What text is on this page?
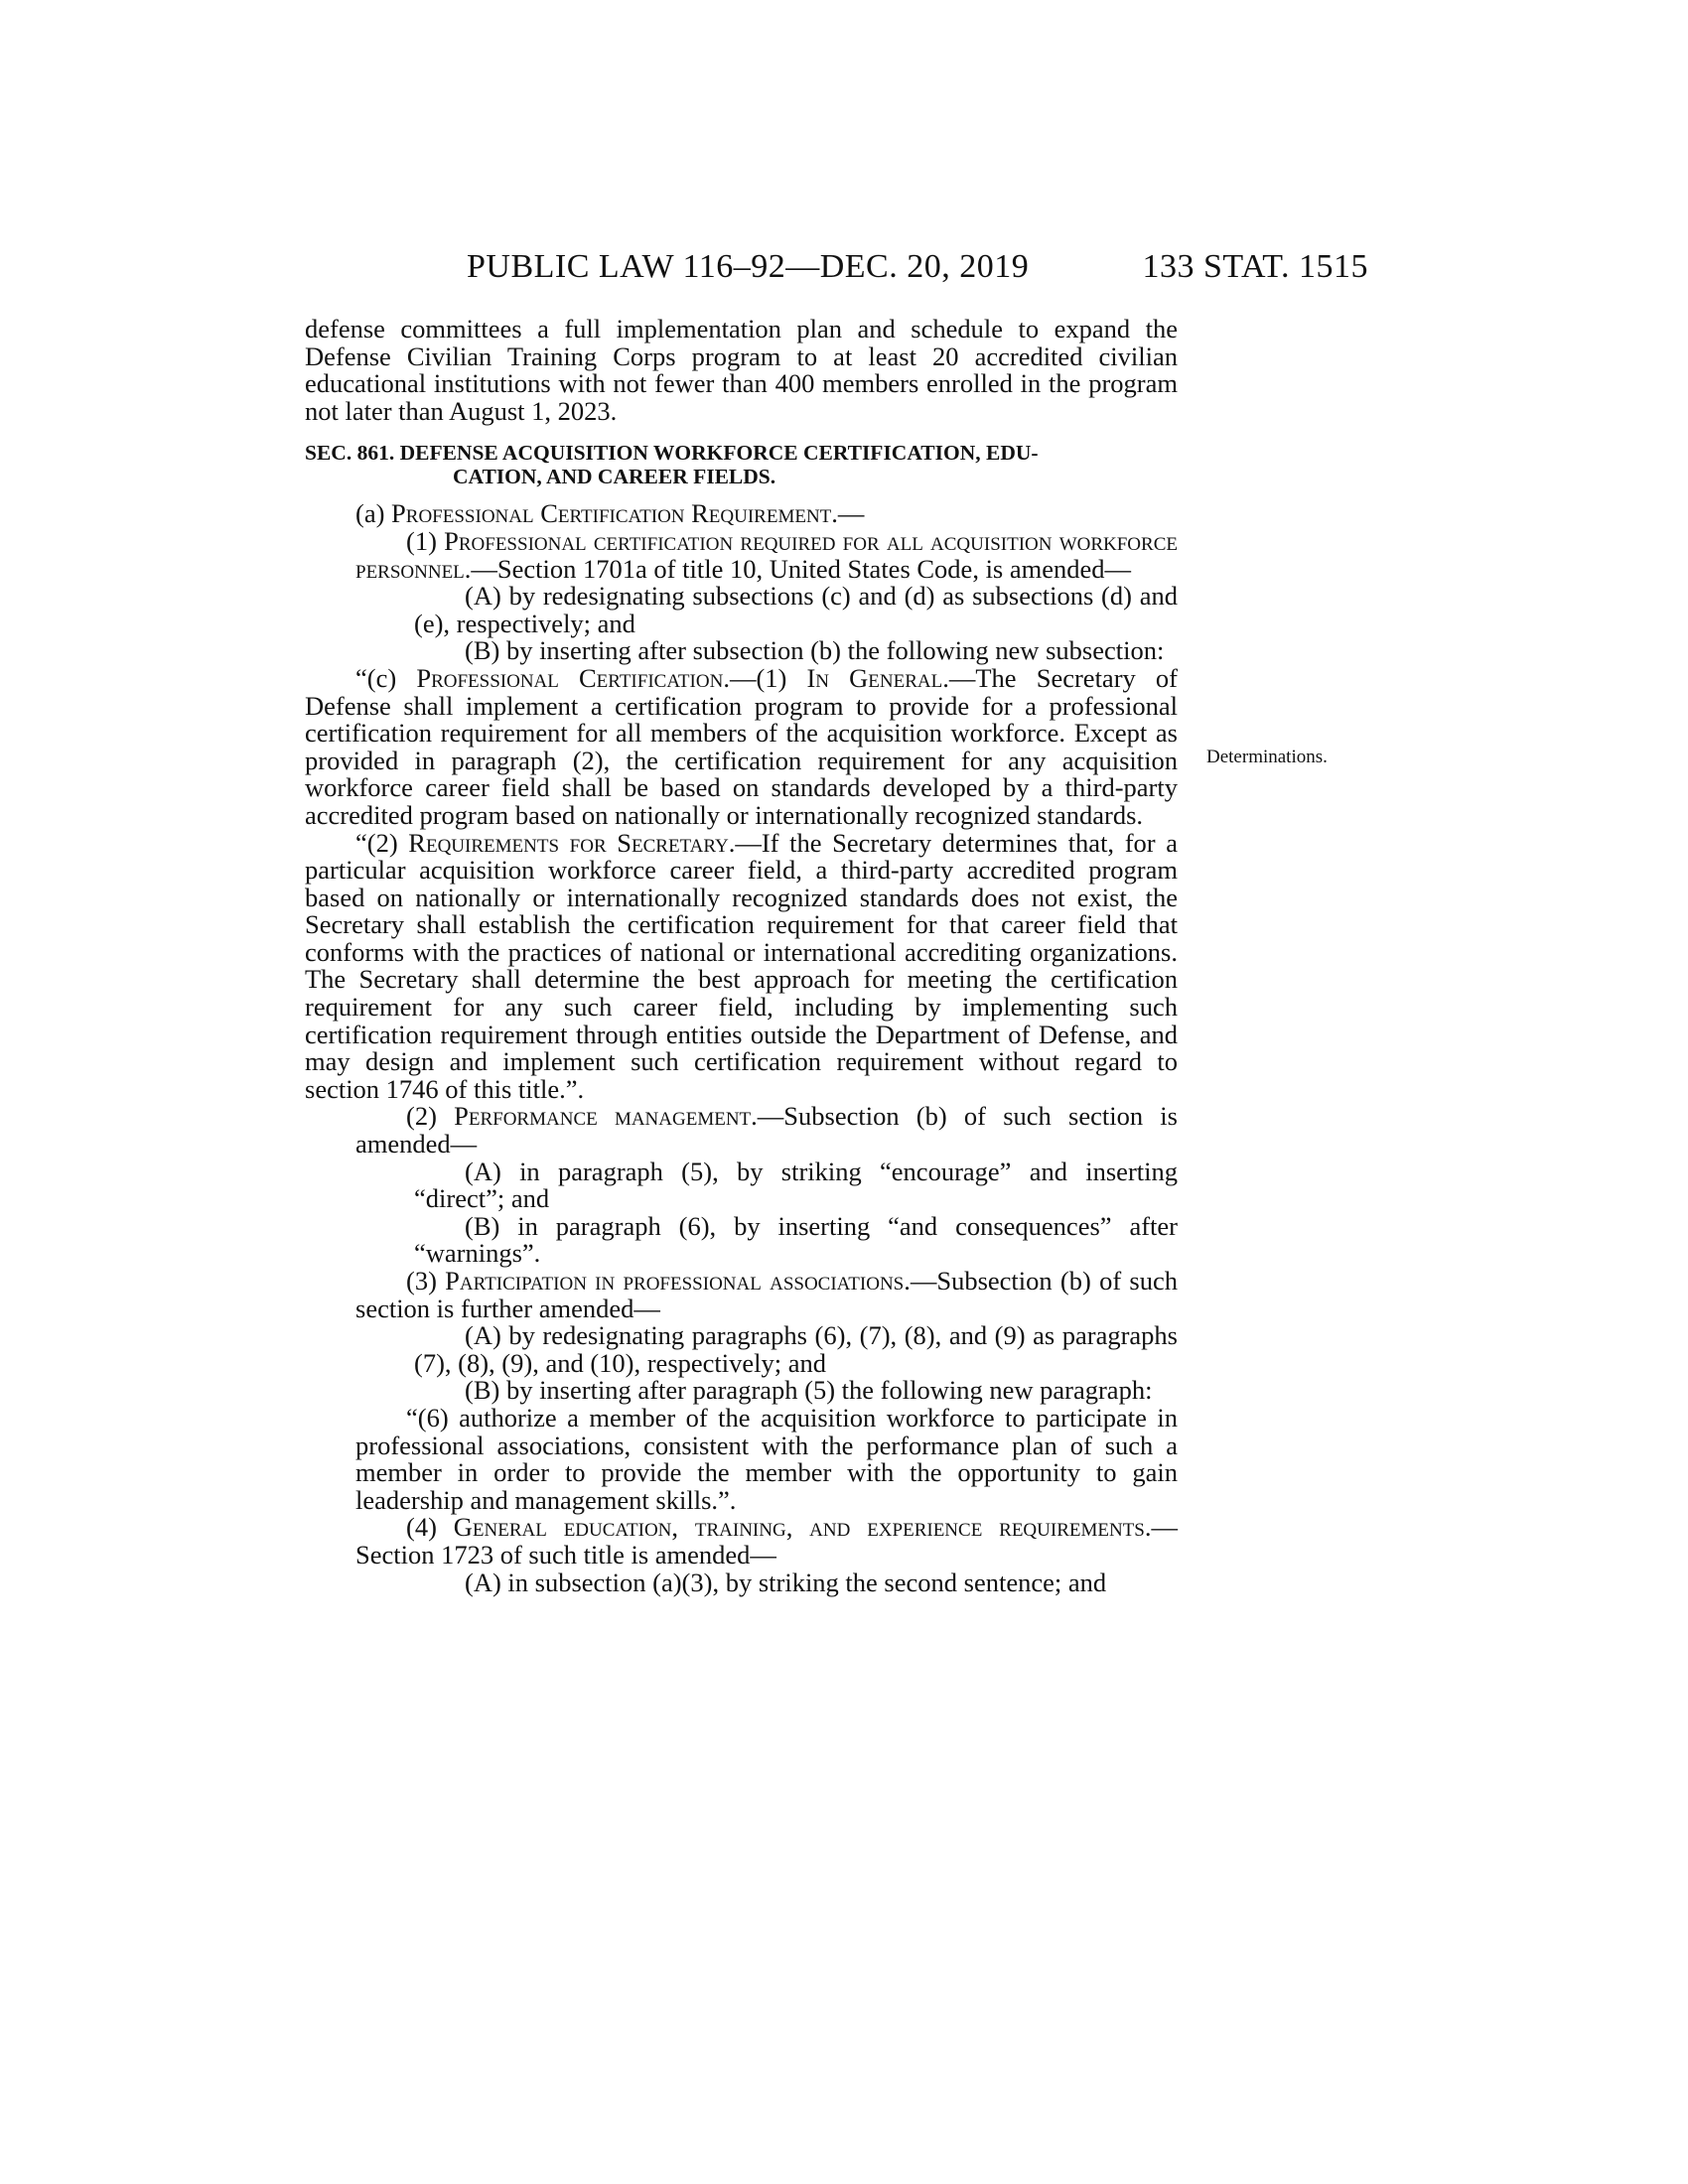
PUBLIC LAW 116–92—DEC. 20, 2019	133 STAT. 1515
Determinations.

defense committees a full implementation plan and schedule to expand the Defense Civilian Training Corps program to at least 20 accredited civilian educational institutions with not fewer than 400 members enrolled in the program not later than August 1, 2023.

SEC. 861. DEFENSE ACQUISITION WORKFORCE CERTIFICATION, EDU-
CATION, AND CAREER FIELDS.

(a) Professional Certification Requirement.—

(1) Professional certification required for all acquisition workforce personnel.—Section 1701a of title 10, United States Code, is amended—

(A) by redesignating subsections (c) and (d) as subsections (d) and (e), respectively; and

(B) by inserting after subsection (b) the following new subsection:

“(c) Professional Certification.—(1) In General.—The Secretary of Defense shall implement a certification program to provide for a professional certification requirement for all members of the acquisition workforce. Except as provided in paragraph (2), the certification requirement for any acquisition workforce career field shall be based on standards developed by a third-party accredited program based on nationally or internationally recognized standards.

“(2) Requirements for Secretary.—If the Secretary determines that, for a particular acquisition workforce career field, a third-party accredited program based on nationally or internationally recognized standards does not exist, the Secretary shall establish the certification requirement for that career field that conforms with the practices of national or international accrediting organizations. The Secretary shall determine the best approach for meeting the certification requirement for any such career field, including by implementing such certification requirement through entities outside the Department of Defense, and may design and implement such certification requirement without regard to section 1746 of this title.”.

(2) Performance management.—Subsection (b) of such section is amended—

(A) in paragraph (5), by striking “encourage” and inserting “direct”; and

(B) in paragraph (6), by inserting “and consequences” after “warnings”.

(3) Participation in professional associations.—Subsection (b) of such section is further amended—

(A) by redesignating paragraphs (6), (7), (8), and (9) as paragraphs (7), (8), (9), and (10), respectively; and

(B) by inserting after paragraph (5) the following new paragraph:

“(6) authorize a member of the acquisition workforce to participate in professional associations, consistent with the performance plan of such a member in order to provide the member with the opportunity to gain leadership and management skills.”.

(4) General education, training, and experience requirements.—Section 1723 of such title is amended—

(A) in subsection (a)(3), by striking the second sentence; and
